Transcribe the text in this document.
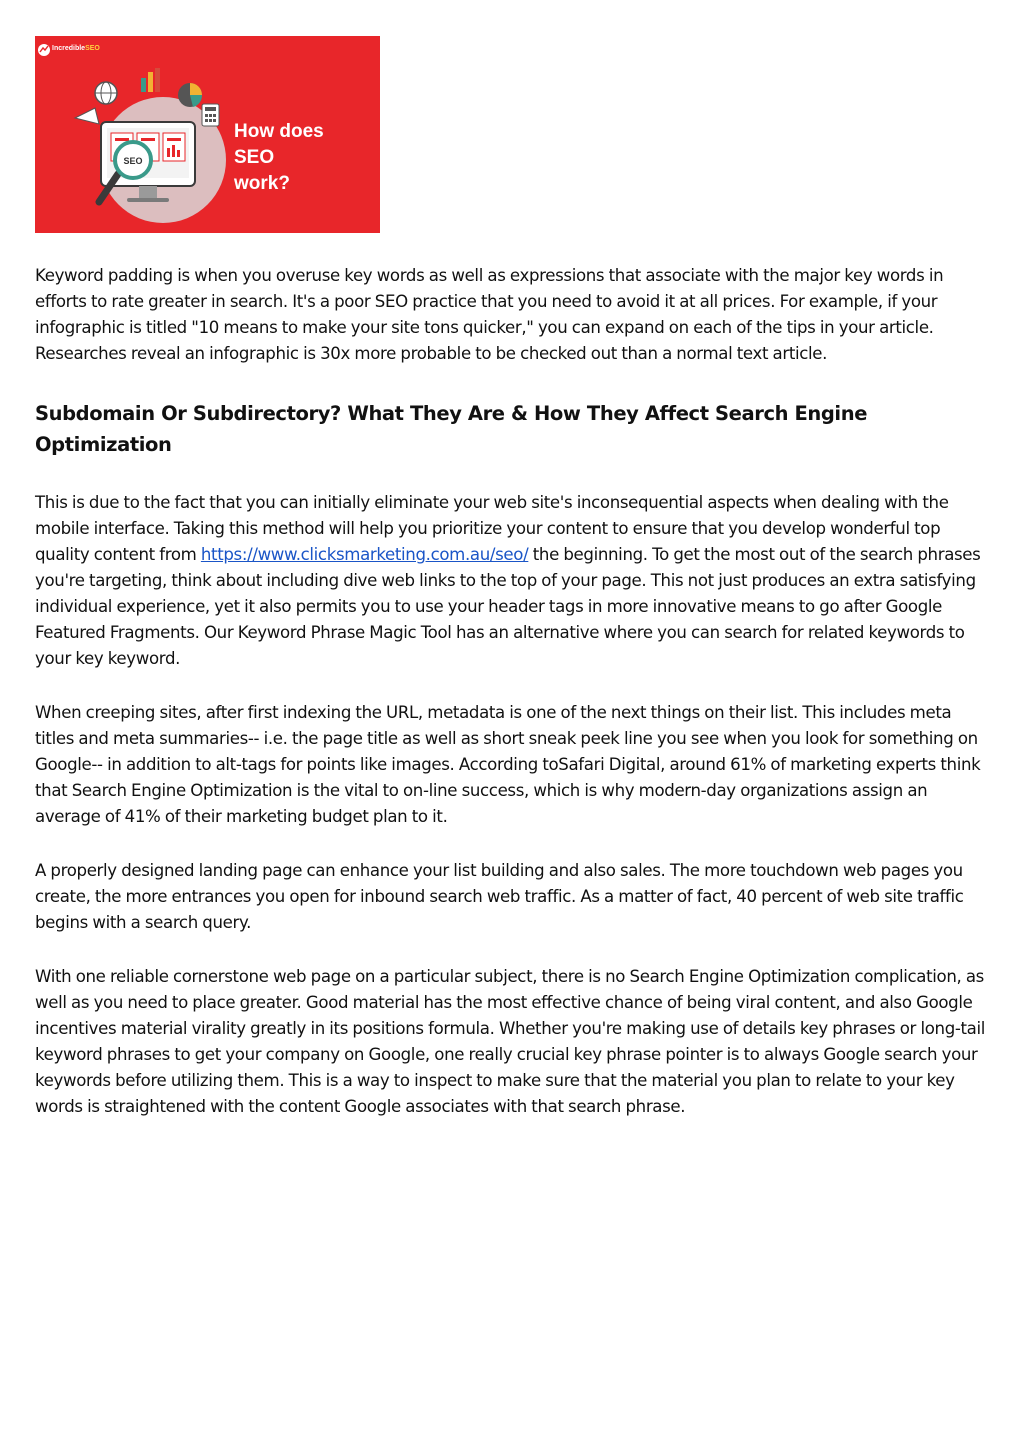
SEO
IncredibleSEO
How does
SEO
work?

Keyword padding is when you overuse key words as well as expressions that associate with the major key words in efforts to rate greater in search. It's a poor SEO practice that you need to avoid it at all prices. For example, if your infographic is titled "10 means to make your site tons quicker," you can expand on each of the tips in your article. Researches reveal an infographic is 30x more probable to be checked out than a normal text article.

Subdomain Or Subdirectory? What They Are & How They Affect Search Engine Optimization

This is due to the fact that you can initially eliminate your web site's inconsequential aspects when dealing with the mobile interface. Taking this method will help you prioritize your content to ensure that you develop wonderful top quality content from https://www.clicksmarketing.com.au/seo/ the beginning. To get the most out of the search phrases you're targeting, think about including dive web links to the top of your page. This not just produces an extra satisfying individual experience, yet it also permits you to use your header tags in more innovative means to go after Google Featured Fragments. Our Keyword Phrase Magic Tool has an alternative where you can search for related keywords to your key keyword.

When creeping sites, after first indexing the URL, metadata is one of the next things on their list. This includes meta titles and meta summaries-- i.e. the page title as well as short sneak peek line you see when you look for something on Google-- in addition to alt-tags for points like images. According toSafari Digital, around 61% of marketing experts think that Search Engine Optimization is the vital to on-line success, which is why modern-day organizations assign an average of 41% of their marketing budget plan to it.

A properly designed landing page can enhance your list building and also sales. The more touchdown web pages you create, the more entrances you open for inbound search web traffic. As a matter of fact, 40 percent of web site traffic begins with a search query.

With one reliable cornerstone web page on a particular subject, there is no Search Engine Optimization complication, as well as you need to place greater. Good material has the most effective chance of being viral content, and also Google incentives material virality greatly in its positions formula. Whether you're making use of details key phrases or long-tail keyword phrases to get your company on Google, one really crucial key phrase pointer is to always Google search your keywords before utilizing them. This is a way to inspect to make sure that the material you plan to relate to your key words is straightened with the content Google associates with that search phrase.
